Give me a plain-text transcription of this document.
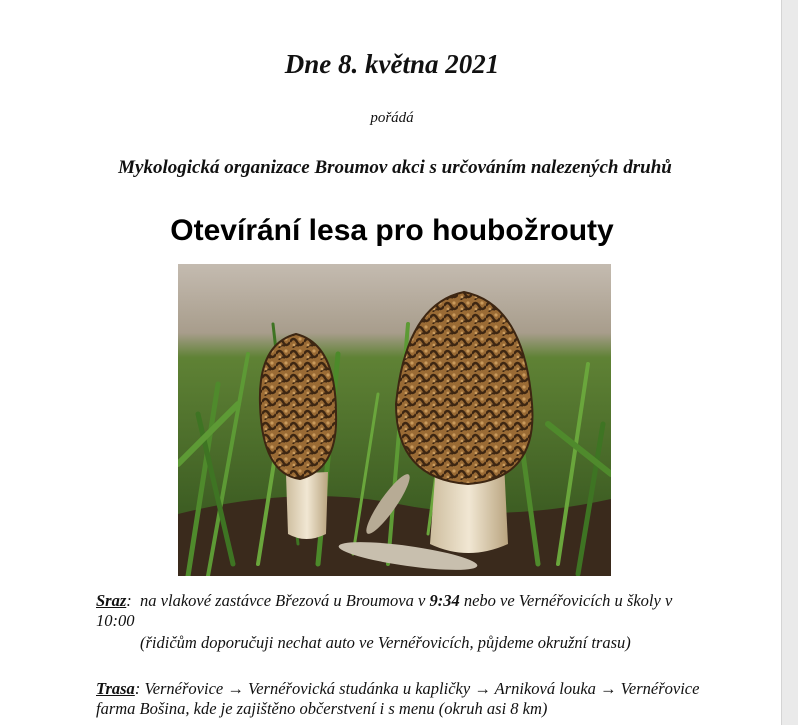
Dne 8. května 2021
pořádá
Mykologická organizace Broumov akci s určováním nalezených druhů
Otevírání lesa pro houbožrouty
Sraz:  na vlakové zastávce Březová u Broumova v 9:34 nebo ve Vernéřovicích u školy v 10:00
(řidičům doporučuji nechat auto ve Vernéřovicích, půjdeme okružní trasu)
Trasa: Vernéřovice → Vernéřovická studánka u kapličky → Arniková louka → Vernéřovice farma Bošina, kde je zajištěno občerstvení i s menu (okruh asi 8 km)
